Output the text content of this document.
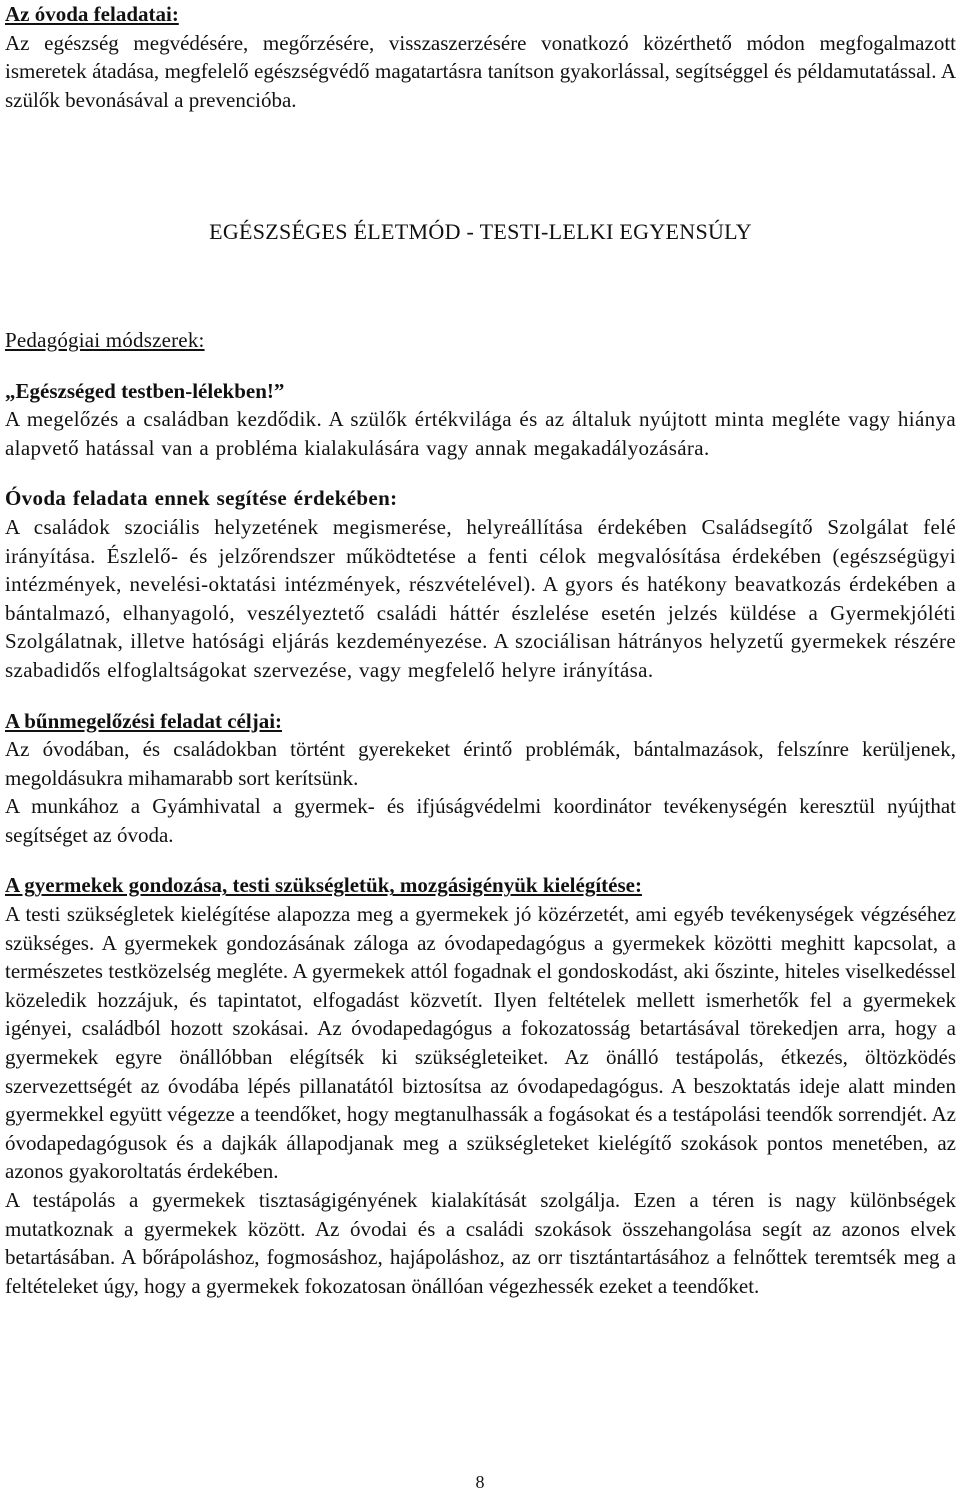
Az óvoda feladatai:

Az egészség megvédésére, megőrzésére, visszaszerzésére vonatkozó közérthető módon megfogalmazott ismeretek átadása, megfelelő egészségvédő magatartásra tanítson gyakorlással, segítséggel és példamutatással. A szülők bevonásával a prevencióba.

EGÉSZSÉGES ÉLETMÓD - TESTI-LELKI EGYENSÚLY

Pedagógiai módszerek:

„Egészséged testben-lélekben!”

A megelőzés a családban kezdődik. A szülők értékvilága és az általuk nyújtott minta megléte vagy hiánya alapvető hatással van a probléma kialakulására vagy annak megakadályozására.

Óvoda feladata ennek segítése érdekében:

A családok szociális helyzetének megismerése, helyreállítása érdekében Családsegítő Szolgálat felé irányítása. Észlelő- és jelzőrendszer működtetése a fenti célok megvalósítása érdekében (egészségügyi intézmények, nevelési-oktatási intézmények, részvételével). A gyors és hatékony beavatkozás érdekében a bántalmazó, elhanyagoló, veszélyeztető családi háttér észlelése esetén jelzés küldése a Gyermekjóléti Szolgálatnak, illetve hatósági eljárás kezdeményezése. A szociálisan hátrányos helyzetű gyermekek részére szabadidős elfoglaltságokat szervezése, vagy megfelelő helyre irányítása.

A bűnmegelőzési feladat céljai:

Az óvodában, és családokban történt gyerekeket érintő problémák, bántalmazások, felszínre kerüljenek, megoldásukra mihamarabb sort kerítsünk.

A munkához a Gyámhivatal a gyermek- és ifjúságvédelmi koordinátor tevékenységén keresztül nyújthat segítséget az óvoda.

A gyermekek gondozása, testi szükségletük, mozgásigényük kielégítése:

A testi szükségletek kielégítése alapozza meg a gyermekek jó közérzetét, ami egyéb tevékenységek végzéséhez szükséges. A gyermekek gondozásának záloga az óvodapedagógus a gyermekek közötti meghitt kapcsolat, a természetes testközelség megléte. A gyermekek attól fogadnak el gondoskodást, aki őszinte, hiteles viselkedéssel közeledik hozzájuk, és tapintatot, elfogadást közvetít. Ilyen feltételek mellett ismerhetők fel a gyermekek igényei, családból hozott szokásai. Az óvodapedagógus a fokozatosság betartásával törekedjen arra, hogy a gyermekek egyre önállóbban elégítsék ki szükségleteiket. Az önálló testápolás, étkezés, öltözködés szervezettségét az óvodába lépés pillanatától biztosítsa az óvodapedagógus. A beszoktatás ideje alatt minden gyermekkel együtt végezze a teendőket, hogy megtanulhassák a fogásokat és a testápolási teendők sorrendjét. Az óvodapedagógusok és a dajkák állapodjanak meg a szükségleteket kielégítő szokások pontos menetében, az azonos gyakoroltatás érdekében.

A testápolás a gyermekek tisztaságigényének kialakítását szolgálja. Ezen a téren is nagy különbségek mutatkoznak a gyermekek között. Az óvodai és a családi szokások összehangolása segít az azonos elvek betartásában. A bőrápoláshoz, fogmosáshoz, hajápoláshoz, az orr tisztántartásához a felnőttek teremtsék meg a feltételeket úgy, hogy a gyermekek fokozatosan önállóan végezhessék ezeket a teendőket.

8
